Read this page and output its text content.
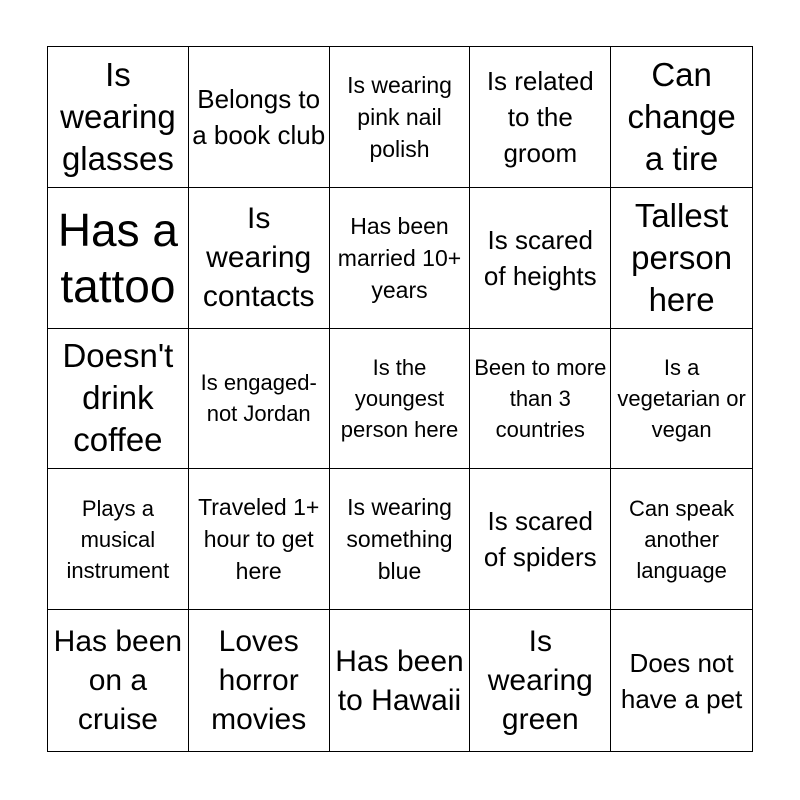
Is wearing glasses
Belongs to a book club
Is wearing pink nail polish
Is related to the groom
Can change a tire
Has a tattoo
Is wearing contacts
Has been married 10+ years
Is scared of heights
Tallest person here
Doesn't drink coffee
Is engaged- not Jordan
Is the youngest person here
Been to more than 3 countries
Is a vegetarian or vegan
Plays a musical instrument
Traveled 1+ hour to get here
Is wearing something blue
Is scared of spiders
Can speak another language
Has been on a cruise
Loves horror movies
Has been to Hawaii
Is wearing green
Does not have a pet
